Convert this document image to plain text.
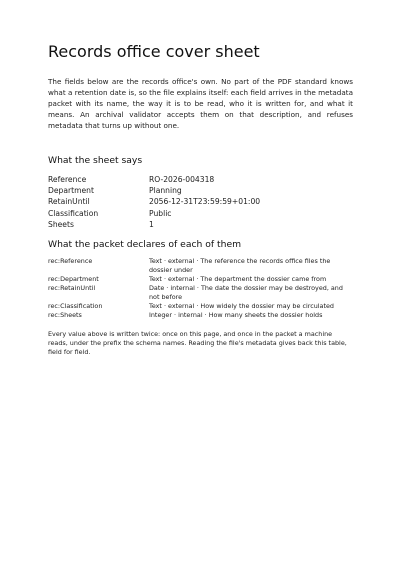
Records office cover sheet

The fields below are the records office's own. No part of the PDF standard knows what a retention date is, so the file explains itself: each field arrives in the metadata packet with its name, the way it is to be read, who it is written for, and what it means. An archival validator accepts them on that description, and refuses metadata that turns up without one.

What the sheet says
Reference	RO-2026-004318
Department	Planning
RetainUntil	2056-12-31T23:59:59+01:00
Classification	Public
Sheets	1
What the packet declares of each of them
rec:Reference	Text · external · The reference the records office files the dossier under
rec:Department	Text · external · The department the dossier came from
rec:RetainUntil	Date · internal · The date the dossier may be destroyed, and not before
rec:Classification	Text · external · How widely the dossier may be circulated
rec:Sheets	Integer · internal · How many sheets the dossier holds

Every value above is written twice: once on this page, and once in the packet a machine reads, under the prefix the schema names. Reading the file's metadata gives back this table, field for field.
